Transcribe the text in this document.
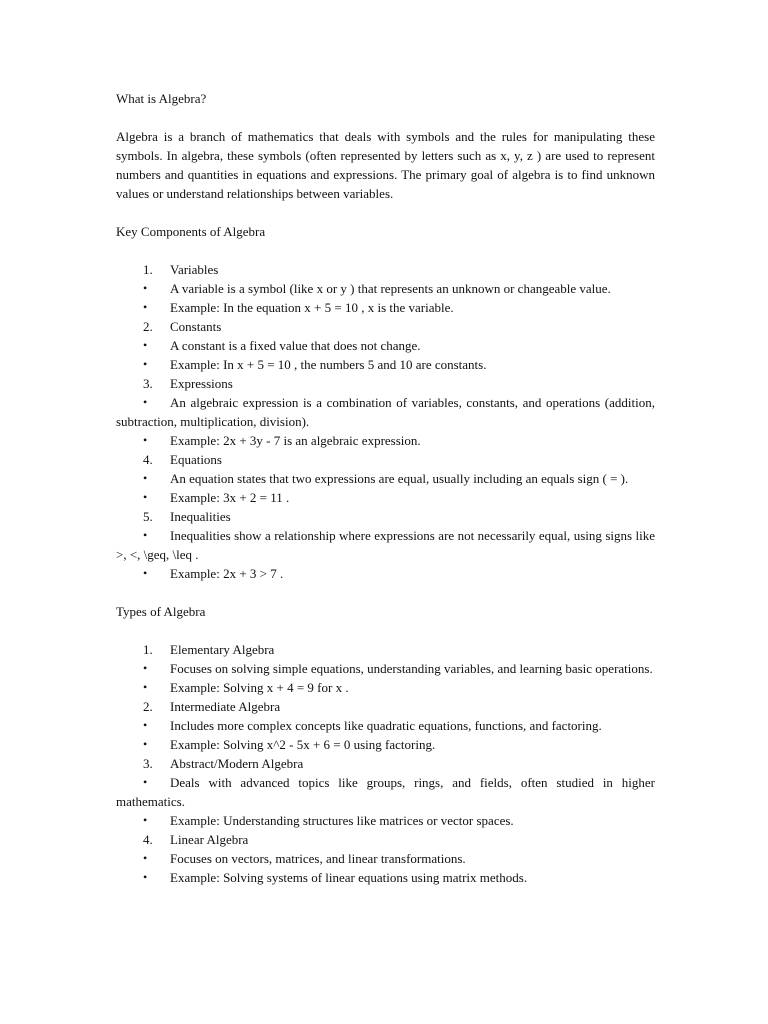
What is Algebra?

Algebra is a branch of mathematics that deals with symbols and the rules for manipulating these symbols. In algebra, these symbols (often represented by letters such as x, y, z ) are used to represent numbers and quantities in equations and expressions. The primary goal of algebra is to find unknown values or understand relationships between variables.

Key Components of Algebra

1. Variables
• A variable is a symbol (like x or y ) that represents an unknown or changeable value.
• Example: In the equation x + 5 = 10 , x is the variable.
2. Constants
• A constant is a fixed value that does not change.
• Example: In x + 5 = 10 , the numbers 5 and 10 are constants.
3. Expressions
• An algebraic expression is a combination of variables, constants, and operations (addition, subtraction, multiplication, division).
• Example: 2x + 3y - 7 is an algebraic expression.
4. Equations
• An equation states that two expressions are equal, usually including an equals sign ( = ).
• Example: 3x + 2 = 11 .
5. Inequalities
• Inequalities show a relationship where expressions are not necessarily equal, using signs like >, <, \geq, \leq .
• Example: 2x + 3 > 7 .

Types of Algebra

1. Elementary Algebra
• Focuses on solving simple equations, understanding variables, and learning basic operations.
• Example: Solving x + 4 = 9 for x .
2. Intermediate Algebra
• Includes more complex concepts like quadratic equations, functions, and factoring.
• Example: Solving x^2 - 5x + 6 = 0 using factoring.
3. Abstract/Modern Algebra
• Deals with advanced topics like groups, rings, and fields, often studied in higher mathematics.
• Example: Understanding structures like matrices or vector spaces.
4. Linear Algebra
• Focuses on vectors, matrices, and linear transformations.
• Example: Solving systems of linear equations using matrix methods.
